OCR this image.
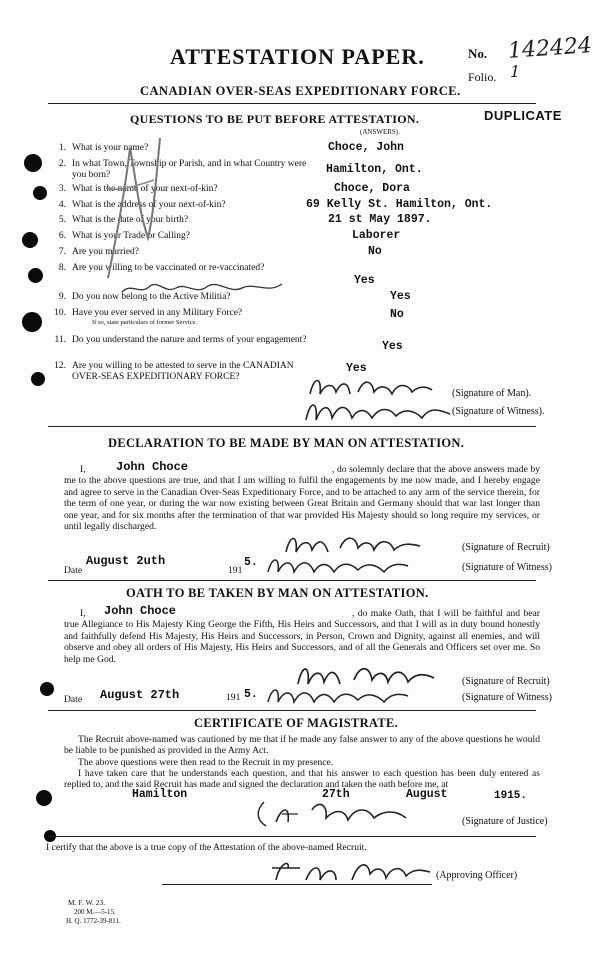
ATTESTATION PAPER.	No. 142424
Folio. 1
CANADIAN OVER-SEAS EXPEDITIONARY FORCE.
DUPLICATE
QUESTIONS TO BE PUT BEFORE ATTESTATION.
(ANSWERS).
1. What is your name?	Choce, John
2. In what Town, Township or Parish, and in what Country were you born?	Hamilton, Ont.
3. What is the name of your next-of-kin?	Choce, Dora
4. What is the address of your next-of-kin?	69 Kelly St. Hamilton, Ont.
5. What is the date of your birth?	21 st May 1897.
6. What is your Trade or Calling?	Laborer
7. Are you married?	No
8. Are you willing to be vaccinated or re-vaccinated?
Yes
9. Do you now belong to the Active Militia?	Yes
10. Have you ever served in any Military Force?
If so, state particulars of former Service.
No
11. Do you understand the nature and terms of your engagement?	Yes
12. Are you willing to be attested to serve in the CANADIAN OVER-SEAS EXPEDITIONARY FORCE?
Yes
(Signature of Man).
(Signature of Witness).
DECLARATION TO BE MADE BY MAN ON ATTESTATION.
I,	John Choce	, do solemnly declare that the above answers made by me to the above questions are true, and that I am willing to fulfil the engagements by me now made, and I hereby engage and agree to serve in the Canadian Over-Seas Expeditionary Force, and to be attached to any arm of the service therein, for the term of one year, or during the war now existing between Great Britain and Germany should that war last longer than one year, and for six months after the termination of that war provided His Majesty should so long require my services, or until legally discharged.
(Signature of Recruit)
Date
August 2uth
191
5.	(Signature of Witness)
OATH TO BE TAKEN BY MAN ON ATTESTATION.
I, John Choce	, do make Oath, that I will be faithful and bear true Allegiance to His Majesty King George the Fifth, His Heirs and Successors, and that I will as in duty bound honestly and faithfully defend His Majesty, His Heirs and Successors, in Person, Crown and Dignity, against all enemies, and will observe and obey all orders of His Majesty, His Heirs and Successors, and of all the Generals and Officers set over me. So help me God.
(Signature of Recruit)
August 27th	191 5.	(Signature of Witness)
Date
CERTIFICATE OF MAGISTRATE.
The Recruit above-named was cautioned by me that if he made any false answer to any of the above questions he would be liable to be punished as provided in the Army Act.
The above questions were then read to the Recruit in my presence.
I have taken care that he understands each question, and that his answer to each question has been duly entered as replied to, and the said Recruit has made and signed the declaration and taken the oath before me, at
Hamilton	27th	August	1915.
(Signature of Justice)
I certify that the above is a true copy of the Attestation of the above-named Recruit.
(Approving Officer)
M. F. W. 23.
200 M.—5-15.
H. Q. 1772-39-811.
